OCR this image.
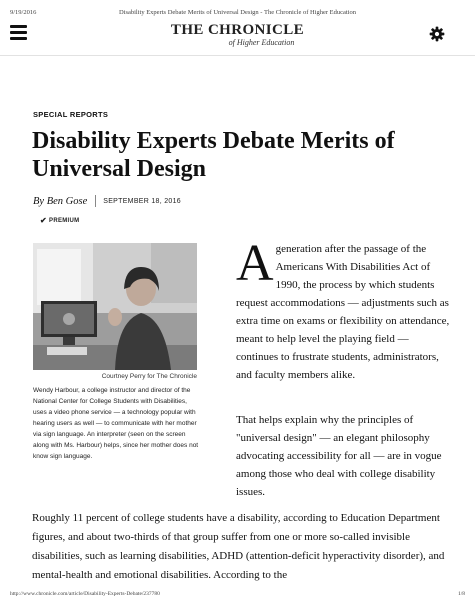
9/19/2016	Disability Experts Debate Merits of Universal Design - The Chronicle of Higher Education
THE CHRONICLE
of Higher Education
SPECIAL REPORTS
Disability Experts Debate Merits of Universal Design
By Ben Gose SEPTEMBER 18, 2016
✔ PREMIUM
Courtney Perry for The Chronicle

Wendy Harbour, a college instructor and director of the National Center for College Students with Disabilities, uses a video phone service — a technology popular with hearing users as well — to communicate with her mother via sign language. An interpreter (seen on the screen along with Ms. Harbour) helps, since her mother does not know sign language.

Ageneration after the passage of the Americans With Disabilities Act of 1990, the process by which students request accommodations — adjustments such as extra time on exams or flexibility on attendance, meant to help level the playing field — continues to frustrate students, administrators, and faculty members alike.

That helps explain why the principles of "universal design" — an elegant philosophy advocating accessibility for all — are in vogue among those who deal with college disability issues.

Roughly 11 percent of college students have a disability, according to Education Department figures, and about two-thirds of that group suffer from one or more so-called invisible disabilities, such as learning disabilities, ADHD (attention-deficit hyperactivity disorder), and mental-health and emotional disabilities. According to the

http://www.chronicle.com/article/Disability-Experts-Debate/237780	1/8
